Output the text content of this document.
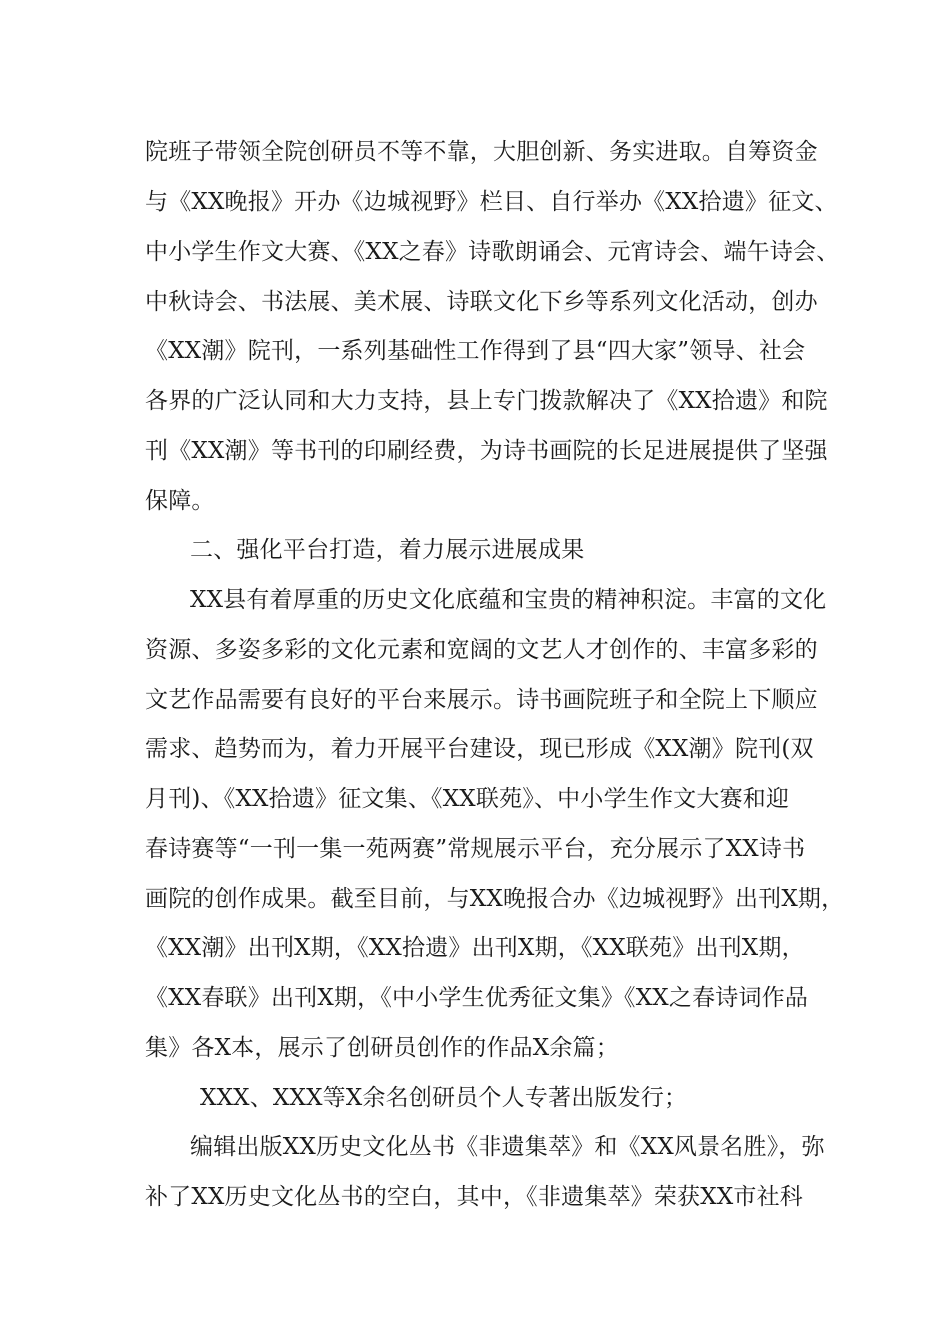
院班子带领全院创研员不等不靠，大胆创新、务实进取。自筹资金
与《XX晚报》开办《边城视野》栏目、自行举办《XX拾遗》征文、
中小学生作文大赛、《XX之春》诗歌朗诵会、元宵诗会、端午诗会、
中秋诗会、书法展、美术展、诗联文化下乡等系列文化活动，创办
《XX潮》院刊，一系列基础性工作得到了县“四大家”领导、社会
各界的广泛认同和大力支持，县上专门拨款解决了《XX拾遗》和院
刊《XX潮》等书刊的印刷经费，为诗书画院的长足进展提供了坚强
保障。
二、强化平台打造，着力展示进展成果
XX县有着厚重的历史文化底蕴和宝贵的精神积淀。丰富的文化
资源、多姿多彩的文化元素和宽阔的文艺人才创作的、丰富多彩的
文艺作品需要有良好的平台来展示。诗书画院班子和全院上下顺应
需求、趋势而为，着力开展平台建设，现已形成《XX潮》院刊(双
月刊)、《XX拾遗》征文集、《XX联苑》、中小学生作文大赛和迎
春诗赛等“一刊一集一苑两赛”常规展示平台，充分展示了XX诗书
画院的创作成果。截至目前，与XX晚报合办《边城视野》出刊X期，
《XX潮》出刊X期，《XX拾遗》出刊X期，《XX联苑》出刊X期，
《XX春联》出刊X期，《中小学生优秀征文集》《XX之春诗词作品
集》各X本，展示了创研员创作的作品X余篇；
XXX、XXX等X余名创研员个人专著出版发行；
编辑出版XX历史文化丛书《非遗集萃》和《XX风景名胜》，弥
补了XX历史文化丛书的空白，其中，《非遗集萃》荣获XX市社科
